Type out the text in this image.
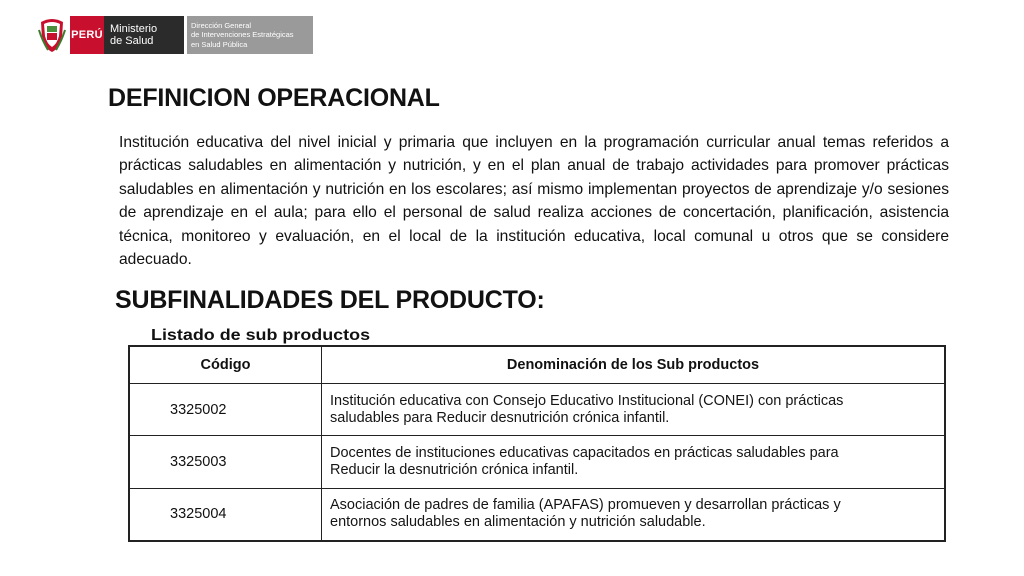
PERÚ Ministerio
de Salud
Dirección General
de Intervenciones Estratégicas
en Salud Pública
DEFINICION OPERACIONAL

Institución educativa del nivel inicial y primaria que incluyen en la programación curricular anual temas referidos a prácticas saludables en alimentación y nutrición, y en el plan anual de trabajo actividades para promover prácticas saludables en alimentación y nutrición en los escolares; así mismo implementan proyectos de aprendizaje y/o sesiones de aprendizaje en el aula; para ello el personal de salud realiza acciones de concertación, planificación, asistencia técnica, monitoreo y evaluación, en el local de la institución educativa, local comunal u otros que se considere adecuado.

SUBFINALIDADES DEL PRODUCTO:
Listado de sub productos
Código	Denominación de los Sub productos
3325002	Institución educativa con Consejo Educativo Institucional (CONEI) con prácticas
saludables para Reducir desnutrición crónica infantil.

3325003	Docentes de instituciones educativas capacitados en prácticas saludables para
Reducir la desnutrición crónica infantil.

3325004	Asociación de padres de familia (APAFAS) promueven y desarrollan prácticas y
entornos saludables en alimentación y nutrición saludable.
